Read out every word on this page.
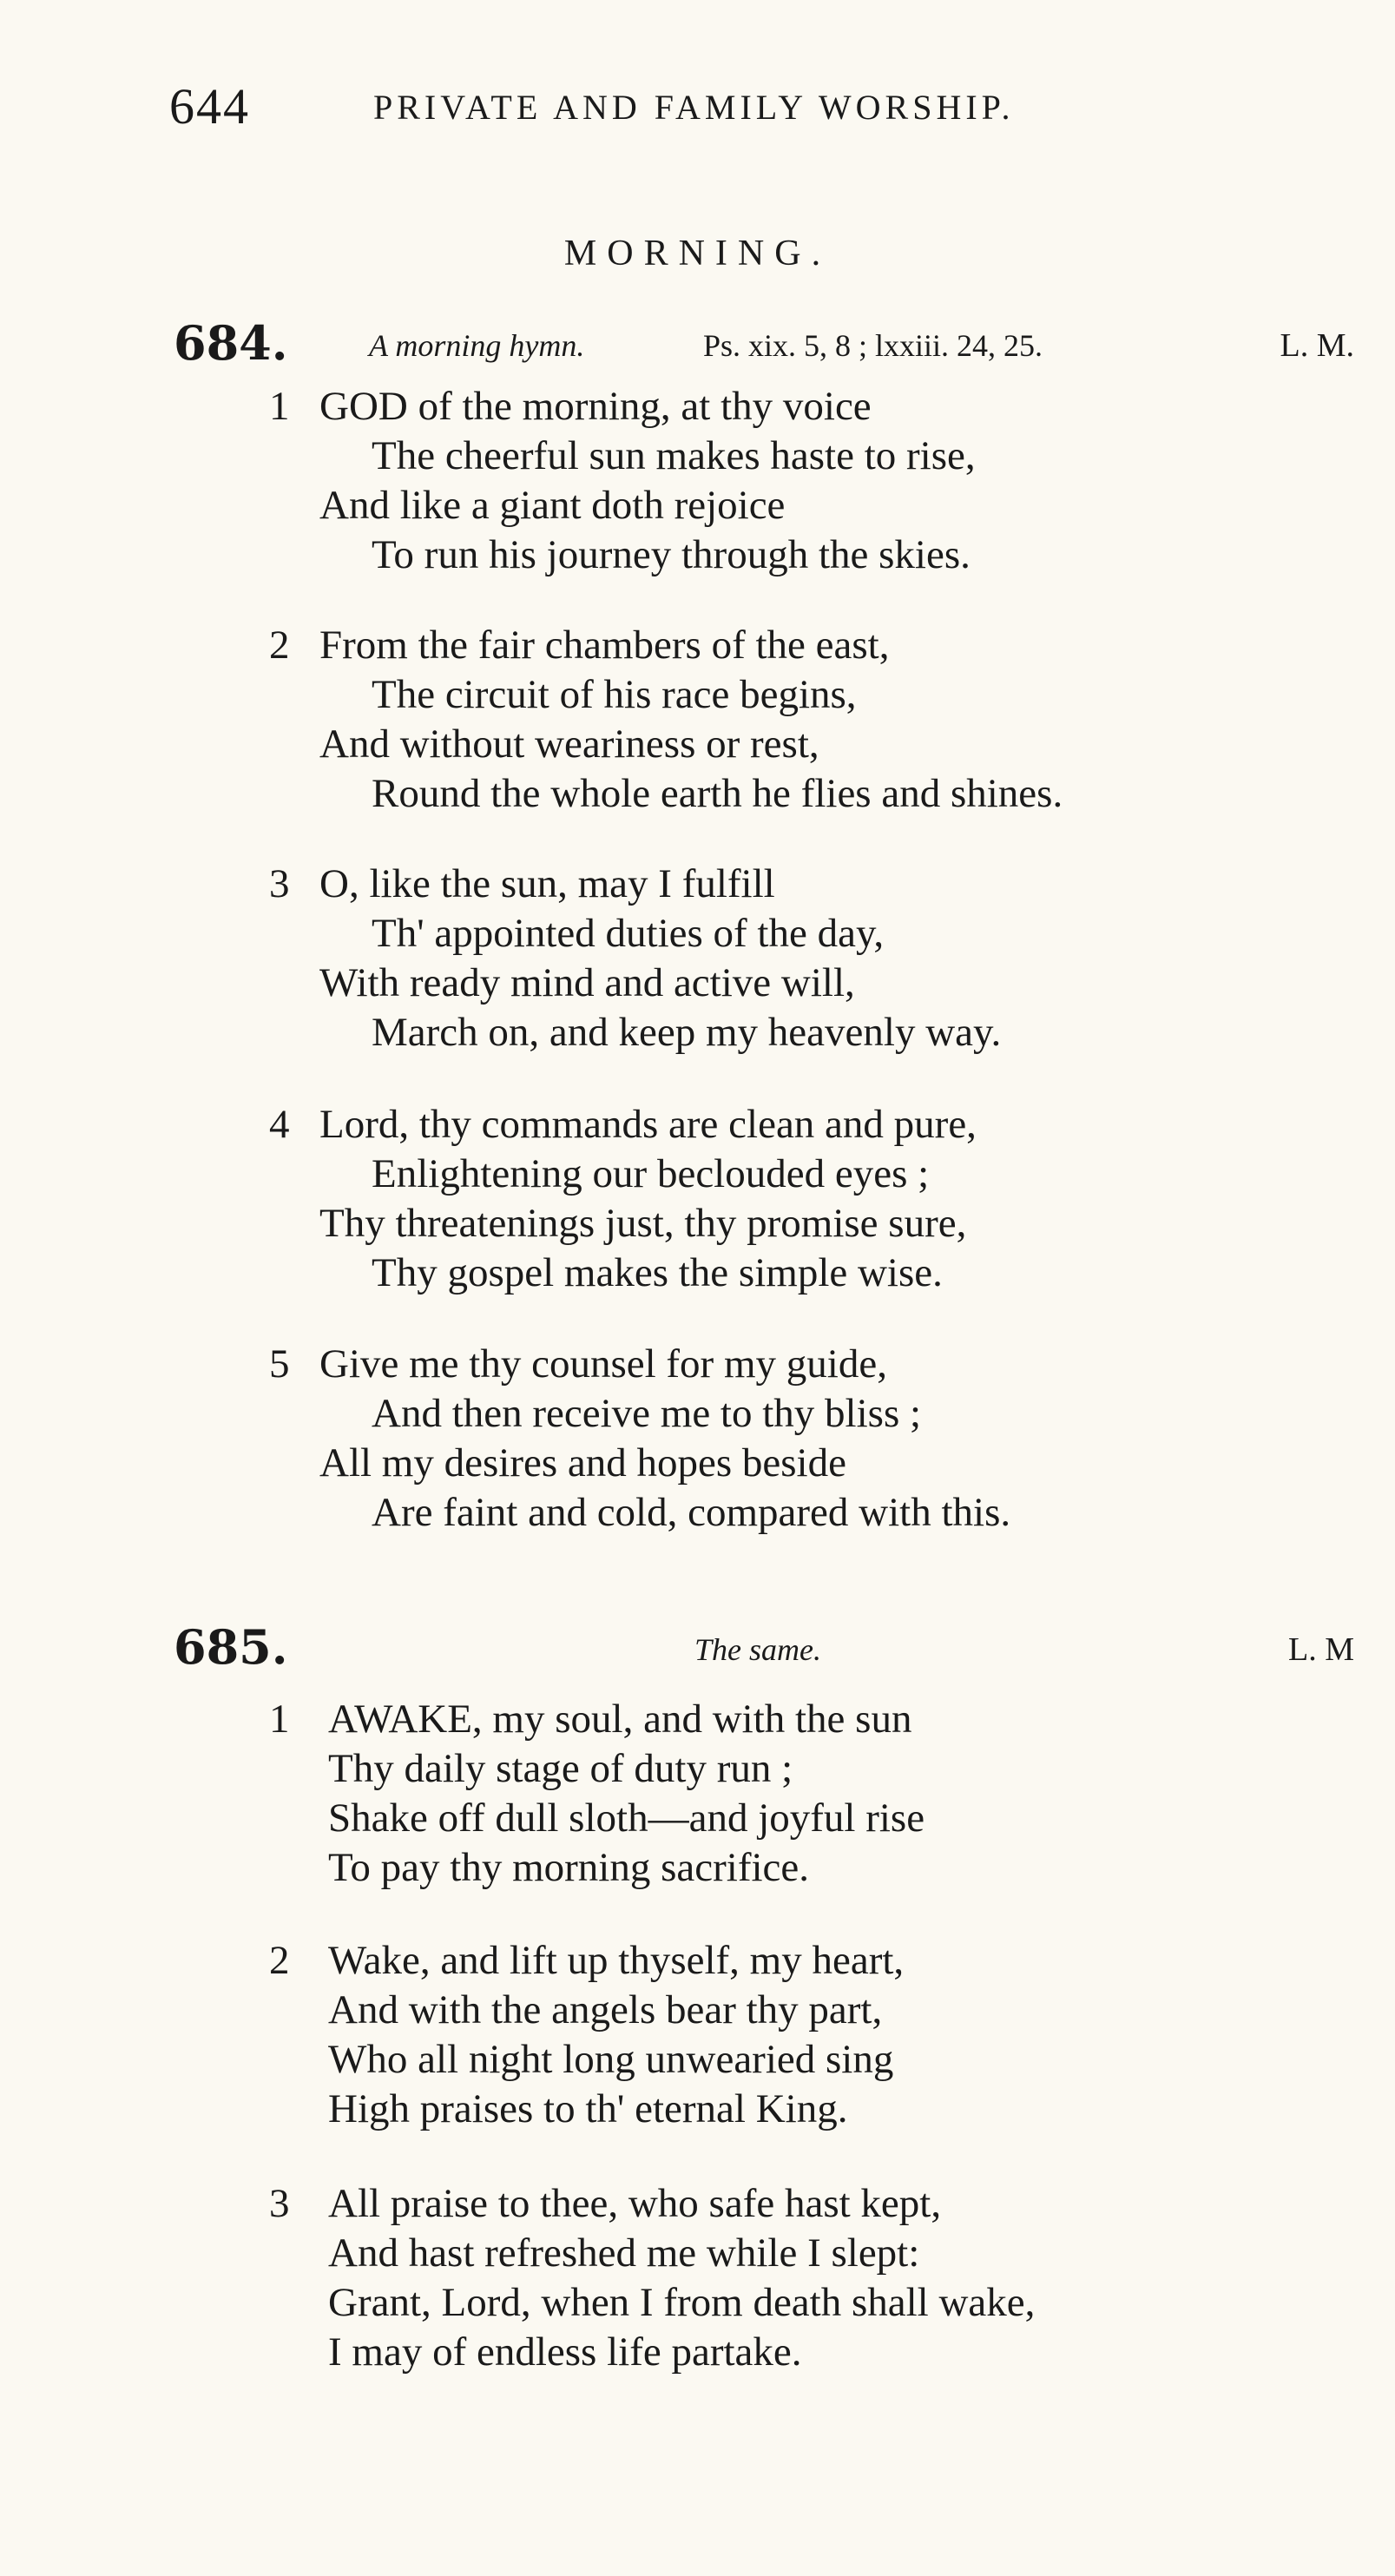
644	PRIVATE AND FAMILY WORSHIP.
MORNING.
684.	A morning hymn.	Ps. xix. 5, 8 ; lxxiii. 24, 25.	L. M.
1 GOD of the morning, at thy voice
The cheerful sun makes haste to rise,
And like a giant doth rejoice
To run his journey through the skies.
2 From the fair chambers of the east,
The circuit of his race begins,
And without weariness or rest,
Round the whole earth he flies and shines.
3 O, like the sun, may I fulfill
Th' appointed duties of the day,
With ready mind and active will,
March on, and keep my heavenly way.
4 Lord, thy commands are clean and pure,
Enlightening our beclouded eyes ;
Thy threatenings just, thy promise sure,
Thy gospel makes the simple wise.
5 Give me thy counsel for my guide,
And then receive me to thy bliss ;
All my desires and hopes beside
Are faint and cold, compared with this.
685.	The same.	L. M
1 AWAKE, my soul, and with the sun
Thy daily stage of duty run ;
Shake off dull sloth—and joyful rise
To pay thy morning sacrifice.
2 Wake, and lift up thyself, my heart,
And with the angels bear thy part,
Who all night long unwearied sing
High praises to th' eternal King.
3 All praise to thee, who safe hast kept,
And hast refreshed me while I slept:
Grant, Lord, when I from death shall wake,
I may of endless life partake.
